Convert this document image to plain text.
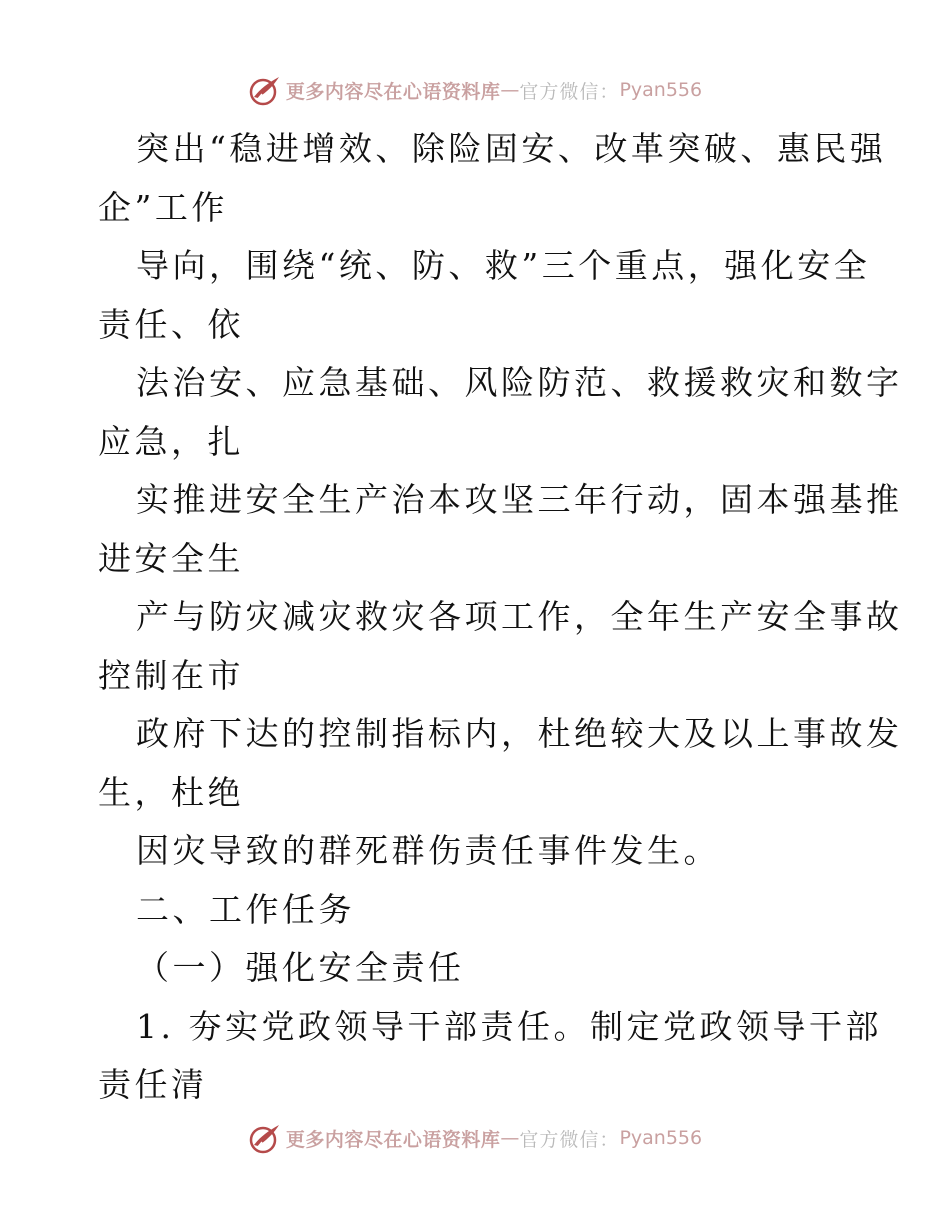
更多内容尽在心语资料库 — 官方微信： Pyan556
突出“稳进增效、除险固安、改革突破、惠民强
企”工作
导向，围绕“统、防、救”三个重点，强化安全
责任、依
法治安、应急基础、风险防范、救援救灾和数字
应急，扎
实推进安全生产治本攻坚三年行动，固本强基推
进安全生
产与防灾减灾救灾各项工作，全年生产安全事故
控制在市
政府下达的控制指标内，杜绝较大及以上事故发
生，杜绝
因灾导致的群死群伤责任事件发生。
二、工作任务
（一）强化安全责任
1. 夯实党政领导干部责任。制定党政领导干部
责任清
更多内容尽在心语资料库 — 官方微信： Pyan556
